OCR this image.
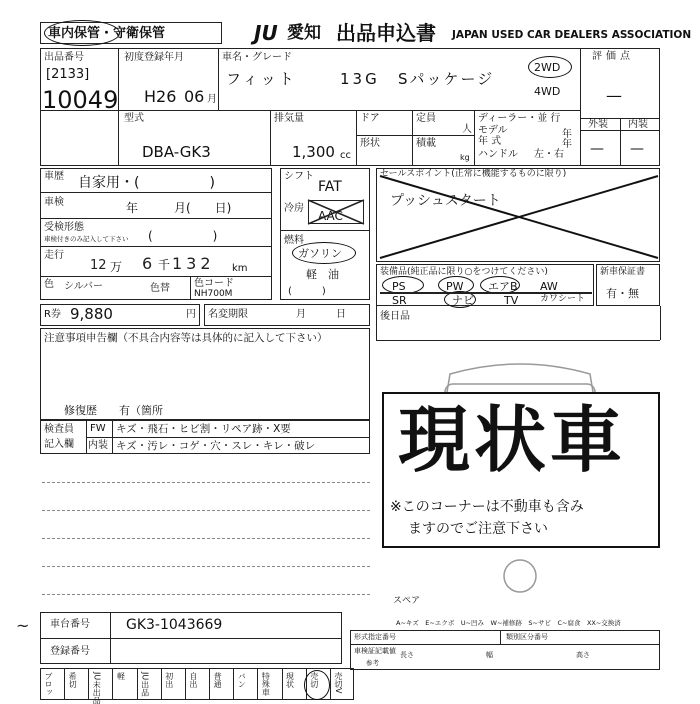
車内保管・守衛保管	JU 愛知 出品申込書 JAPAN USED CAR DEALERS ASSOCIATION
出品番号
[2133]
10049
初度登録年月
H26 06 月
車名・グレード
フィット	13G Sパッケージ
2WD
4WD
評価点
—
外装 内装
— —
型式
DBA-GK3
排気量
1,300 cc
ドア
形状
定員
人
積載
kg
ディーラー・並 行
モデル	年
年 式	年
ハンドル 左・右
車歴 自家用・(　　　　　)
車検	年　　　月(　　日)
受検形態
車検付きのみ記入して下さい (　　　　　)
走行
12 万 6 千 132 km
色 シルバー	色替 色コード
NH700M
シフト
FAT
冷房
AAC
燃料
ガソリン
軽　油
(　　　)
セールスポイント(正常に機能するものに限り)
プッシュスタート
装備品(純正品に限り○をつけてください)
PS	PW エアB AW
SR	ナビ	TV カワシート
新車保証書
有・無
R券 9,880	円 名変期限	月　　　日	後日品
注意事項申告欄（不具合内容等は具体的に記入して下さい）
修復歴　　有（箇所
検査員
記入欄
FW キズ・飛石・ヒビ割・リペア跡・X要
内装 キズ・汚レ・コゲ・穴・スレ・キレ・破レ
スペア
現状車
※このコーナーは不動車も含み
ますのでご注意下さい
A~キズ　E~エクボ　U~凹み　W~補修跡　S~サビ　C~腐食　XX~交換済
車台番号	GK3-1043669
登録番号
~
形式指定番号	類別区分番号
車検証記載値 長さ	幅	高さ
参考
ブロッ 希切 JU未出品 軽 JU出品 初出 自出 普通 バン 特殊車 現状 売切 売切V
